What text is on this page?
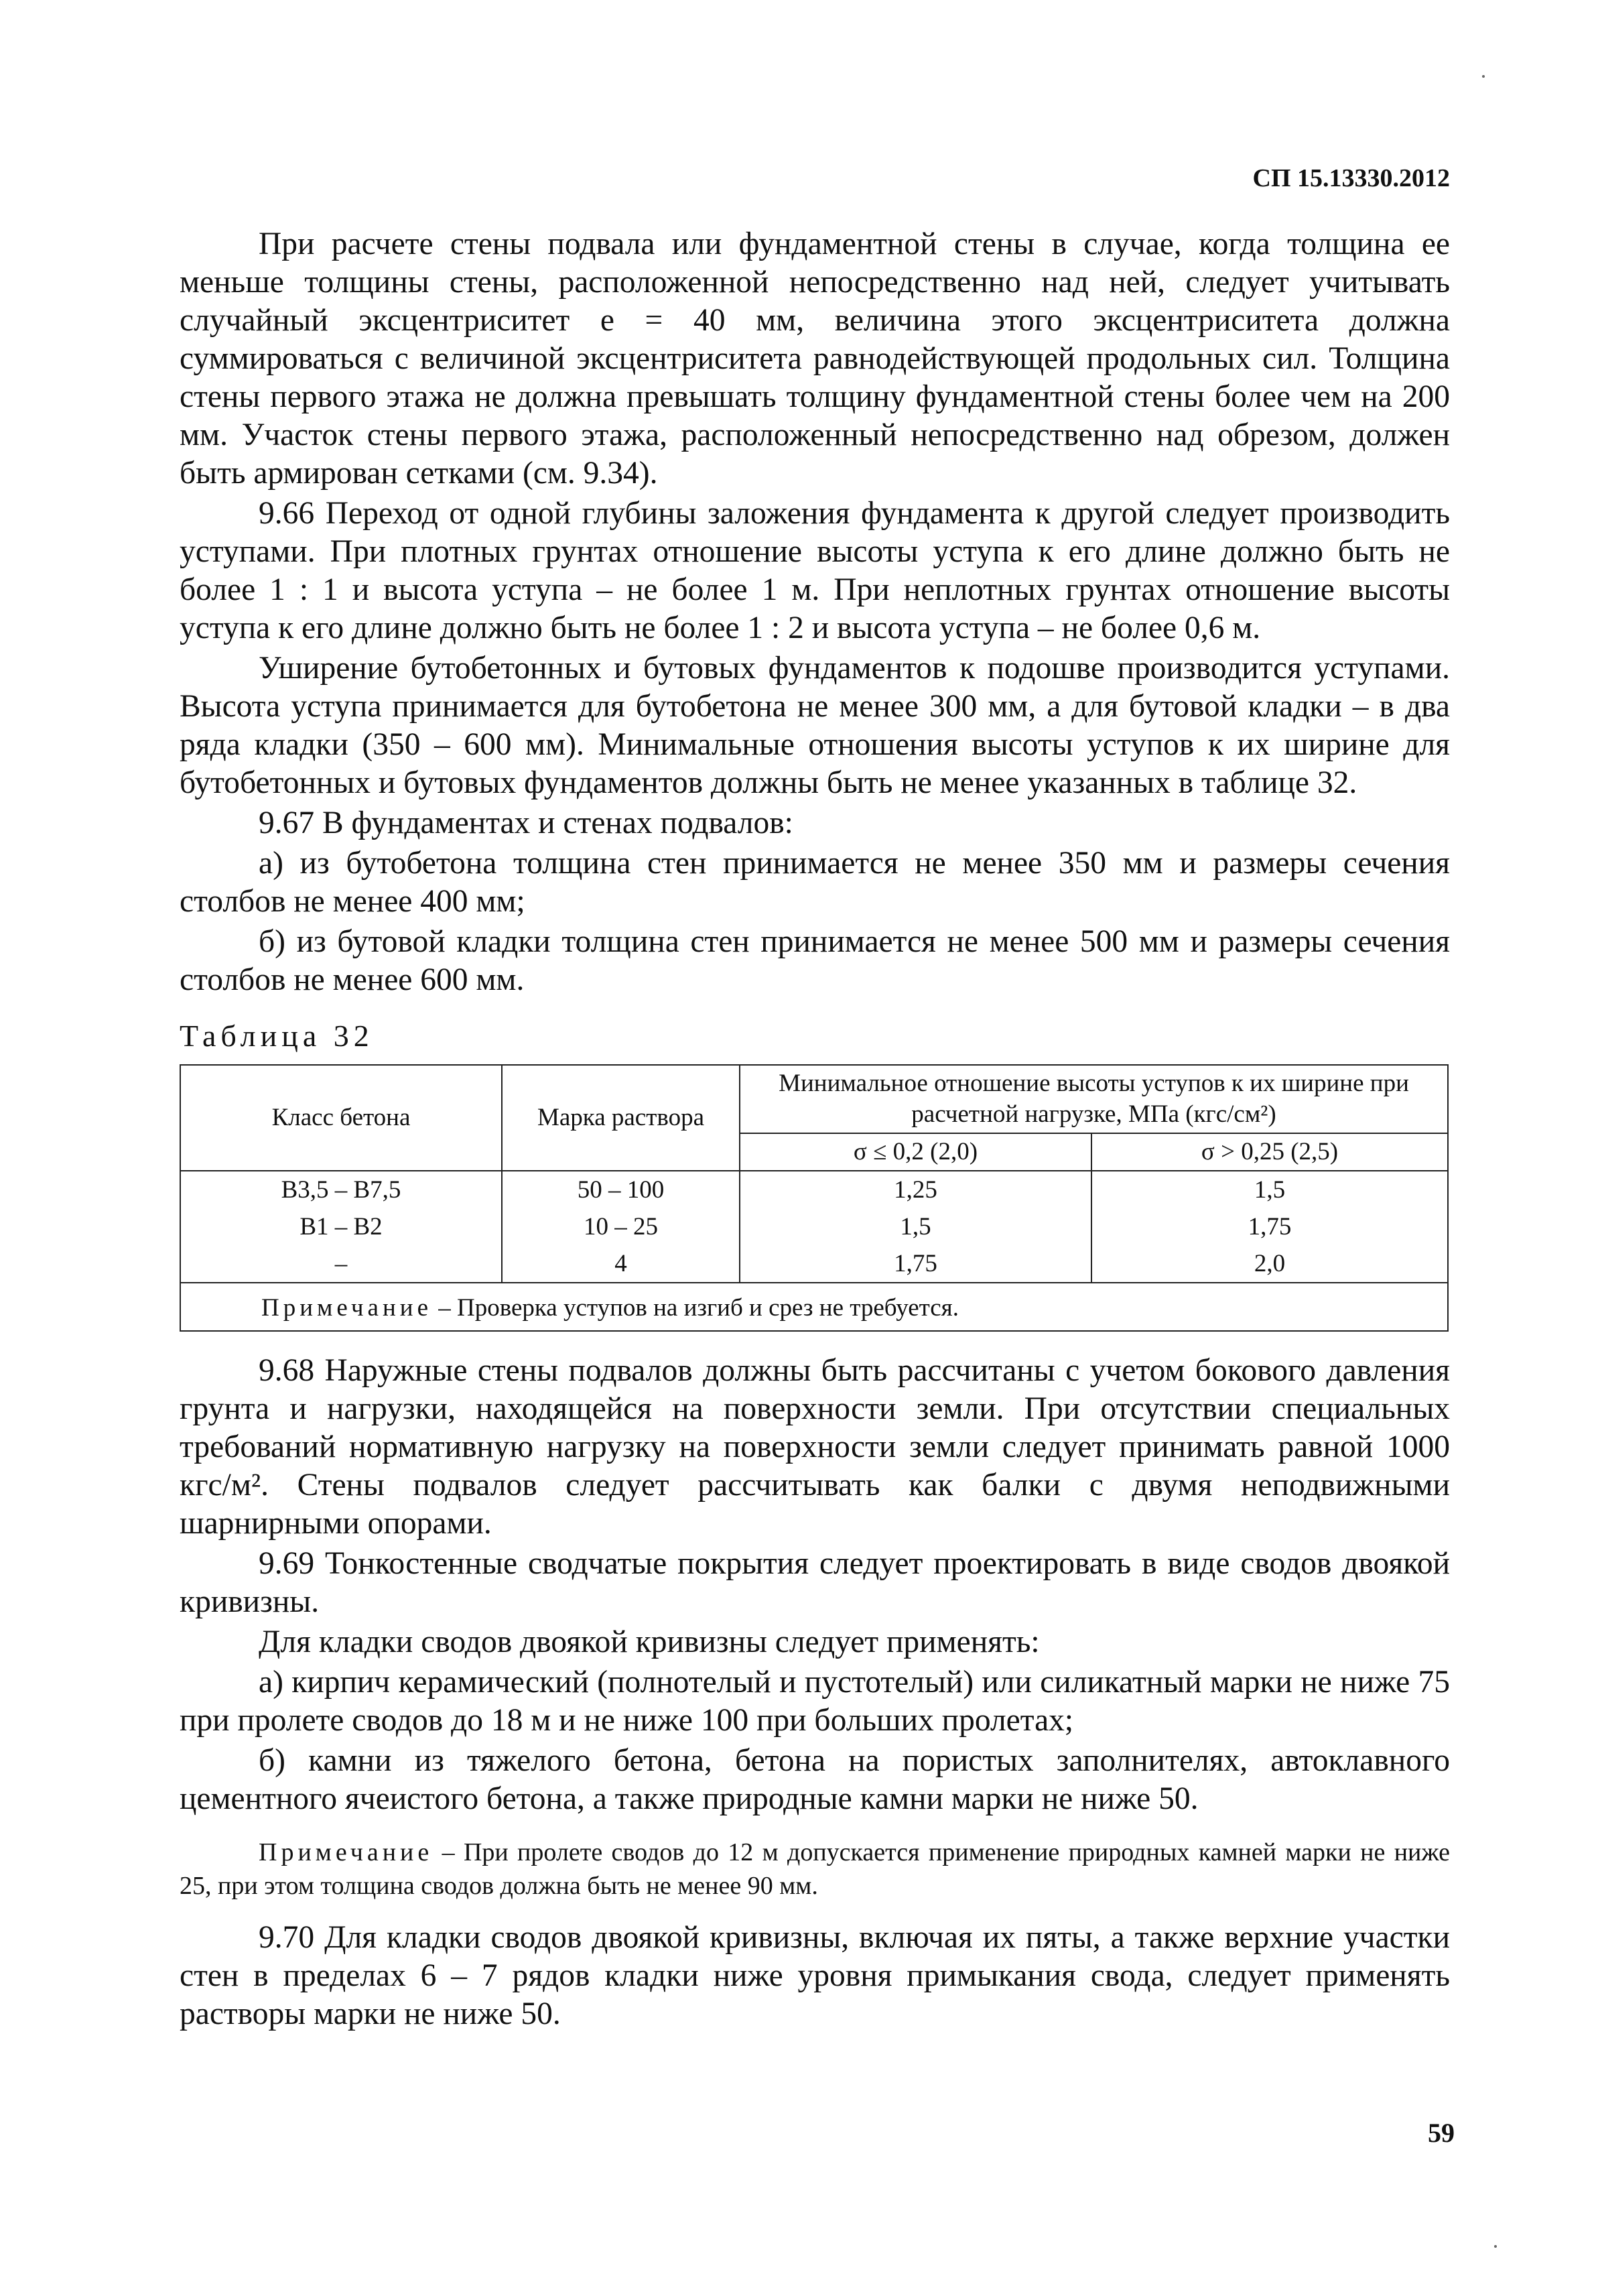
СП 15.13330.2012

При расчете стены подвала или фундаментной стены в случае, когда толщина ее меньше толщины стены, расположенной непосредственно над ней, следует учитывать случайный эксцентриситет e = 40 мм, величина этого эксцентриситета должна суммироваться с величиной эксцентриситета равнодействующей продольных сил. Толщина стены первого этажа не должна превышать толщину фундаментной стены более чем на 200 мм. Участок стены первого этажа, расположенный непосредственно над обрезом, должен быть армирован сетками (см. 9.34).

9.66 Переход от одной глубины заложения фундамента к другой следует производить уступами. При плотных грунтах отношение высоты уступа к его длине должно быть не более 1 : 1 и высота уступа – не более 1 м. При неплотных грунтах отношение высоты уступа к его длине должно быть не более 1 : 2 и высота уступа – не более 0,6 м.

Уширение бутобетонных и бутовых фундаментов к подошве производится уступами. Высота уступа принимается для бутобетона не менее 300 мм, а для бутовой кладки – в два ряда кладки (350 – 600 мм). Минимальные отношения высоты уступов к их ширине для бутобетонных и бутовых фундаментов должны быть не менее указанных в таблице 32.

9.67 В фундаментах и стенах подвалов:

а) из бутобетона толщина стен принимается не менее 350 мм и размеры сечения столбов не менее 400 мм;

б) из бутовой кладки толщина стен принимается не менее 500 мм и размеры сечения столбов не менее 600 мм.

Таблица 32
Класс бетона	Марка раствора	Минимальное отношение высоты уступов к их ширине при расчетной нагрузке, МПа (кгс/см²)	
		σ ≤ 0,2 (2,0)	σ > 0,25 (2,5)
В3,5 – В7,5	50 – 100	1,25	1,5
В1 – В2	10 – 25	1,5	1,75
–	4	1,75	2,0
Примечание – Проверка уступов на изгиб и срез не требуется.			

9.68 Наружные стены подвалов должны быть рассчитаны с учетом бокового давления грунта и нагрузки, находящейся на поверхности земли. При отсутствии специальных требований нормативную нагрузку на поверхности земли следует принимать равной 1000 кгс/м². Стены подвалов следует рассчитывать как балки с двумя неподвижными шарнирными опорами.

9.69 Тонкостенные сводчатые покрытия следует проектировать в виде сводов двоякой кривизны.

Для кладки сводов двоякой кривизны следует применять:

а) кирпич керамический (полнотелый и пустотелый) или силикатный марки не ниже 75 при пролете сводов до 18 м и не ниже 100 при больших пролетах;

б) камни из тяжелого бетона, бетона на пористых заполнителях, автоклавного цементного ячеистого бетона, а также природные камни марки не ниже 50.

Примечание – При пролете сводов до 12 м допускается применение природных камней марки не ниже 25, при этом толщина сводов должна быть не менее 90 мм.

9.70 Для кладки сводов двоякой кривизны, включая их пяты, а также верхние участки стен в пределах 6 – 7 рядов кладки ниже уровня примыкания свода, следует применять растворы марки не ниже 50.

59
